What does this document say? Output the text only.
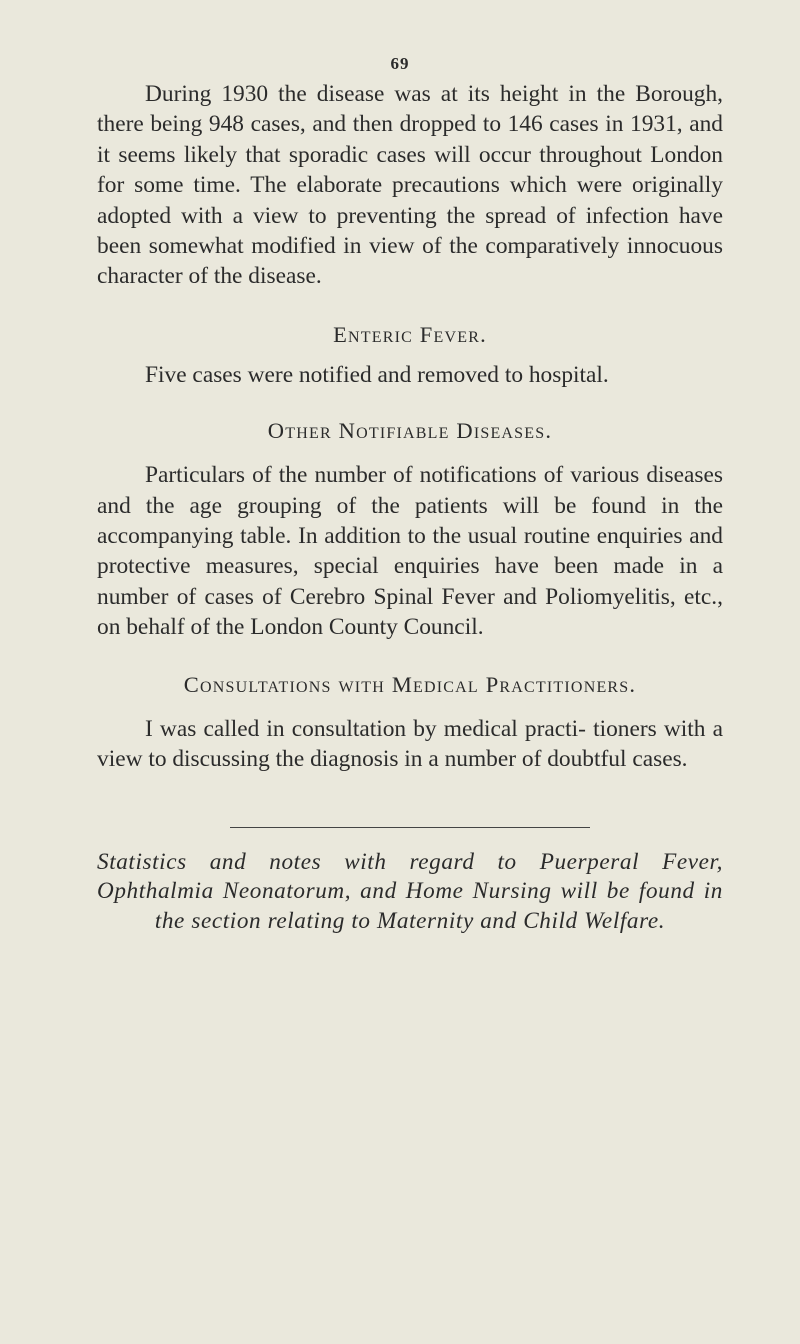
69

During 1930 the disease was at its height in the Borough, there being 948 cases, and then dropped to 146 cases in 1931, and it seems likely that sporadic cases will occur throughout London for some time. The elaborate precautions which were originally adopted with a view to preventing the spread of infection have been somewhat modified in view of the comparatively innocuous character of the disease.

Enteric Fever.

Five cases were notified and removed to hospital.

Other Notifiable Diseases.

Particulars of the number of notifications of various diseases and the age grouping of the patients will be found in the accompanying table. In addition to the usual routine enquiries and protective measures, special enquiries have been made in a number of cases of Cerebro Spinal Fever and Poliomyelitis, etc., on behalf of the London County Council.

Consultations with Medical Practitioners.

I was called in consultation by medical practi- tioners with a view to discussing the diagnosis in a number of doubtful cases.

Statistics and notes with regard to Puerperal Fever, Ophthalmia Neonatorum, and Home Nursing will be found in the section relating to Maternity and Child Welfare.
